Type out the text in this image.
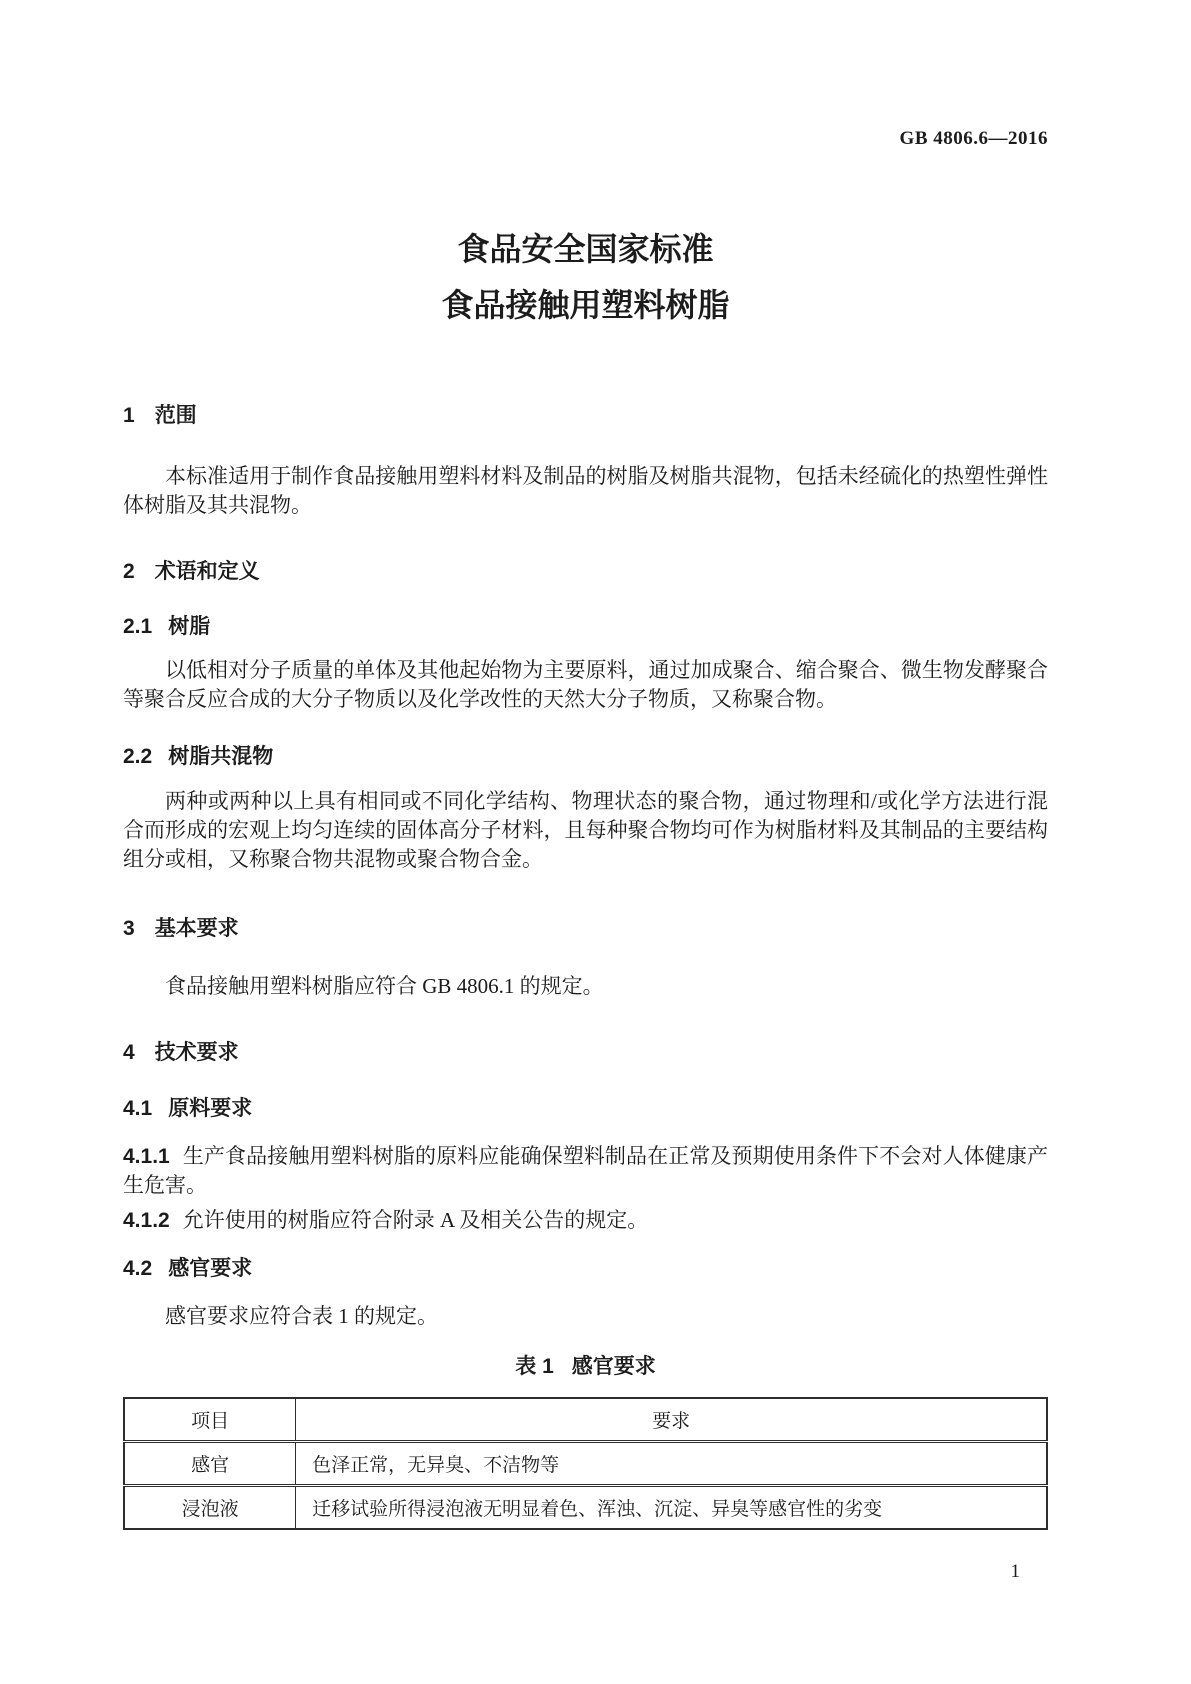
GB 4806.6—2016
食品安全国家标准
食品接触用塑料树脂
1 范围

本标准适用于制作食品接触用塑料材料及制品的树脂及树脂共混物，包括未经硫化的热塑性弹性体树脂及其共混物。

2 术语和定义
2.1 树脂

以低相对分子质量的单体及其他起始物为主要原料，通过加成聚合、缩合聚合、微生物发酵聚合等聚合反应合成的大分子物质以及化学改性的天然大分子物质，又称聚合物。

2.2 树脂共混物

两种或两种以上具有相同或不同化学结构、物理状态的聚合物，通过物理和/或化学方法进行混合而形成的宏观上均匀连续的固体高分子材料，且每种聚合物均可作为树脂材料及其制品的主要结构组分或相，又称聚合物共混物或聚合物合金。

3 基本要求

食品接触用塑料树脂应符合 GB 4806.1 的规定。

4 技术要求
4.1 原料要求

4.1.1 生产食品接触用塑料树脂的原料应能确保塑料制品在正常及预期使用条件下不会对人体健康产生危害。

4.1.2 允许使用的树脂应符合附录 A 及相关公告的规定。

4.2 感官要求

感官要求应符合表 1 的规定。

表 1 感官要求
项目	要求
感官	色泽正常，无异臭、不洁物等
浸泡液	迁移试验所得浸泡液无明显着色、浑浊、沉淀、异臭等感官性的劣变
1
